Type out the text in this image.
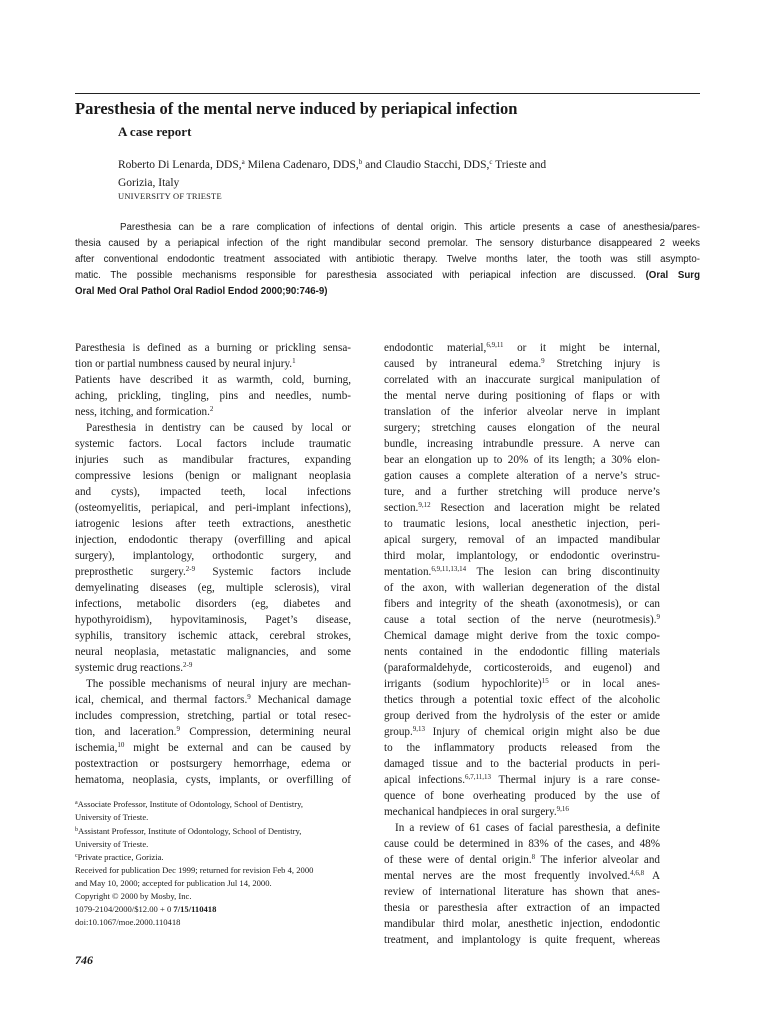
Paresthesia of the mental nerve induced by periapical infection
A case report
Roberto Di Lenarda, DDS,$^a$ Milena Cadenaro, DDS,$^b$ and Claudio Stacchi, DDS,$^c$ Trieste and
Gorizia, Italy
UNIVERSITY OF TRIESTE
Paresthesia can be a rare complication of infections of dental origin. This article presents a case of anesthesia/pares-
thesia caused by a periapical infection of the right mandibular second premolar. The sensory disturbance disappeared 2 weeks
after conventional endodontic treatment associated with antibiotic therapy. Twelve months later, the tooth was still asympto-
matic. The possible mechanisms responsible for paresthesia associated with periapical infection are discussed. (Oral Surg
Oral Med Oral Pathol Oral Radiol Endod 2000;90:746-9)
Paresthesia is defined as a burning or prickling sensa-
tion or partial numbness caused by neural injury.$^1$
Patients have described it as warmth, cold, burning,
aching, prickling, tingling, pins and needles, numb-
ness, itching, and formication.$^2$
Paresthesia in dentistry can be caused by local or
systemic factors. Local factors include traumatic
injuries such as mandibular fractures, expanding
compressive lesions (benign or malignant neoplasia
and cysts), impacted teeth, local infections
(osteomyelitis, periapical, and peri-implant infections),
iatrogenic lesions after teeth extractions, anesthetic
injection, endodontic therapy (overfilling and apical
surgery), implantology, orthodontic surgery, and
preprosthetic surgery.$^{2-9}$ Systemic factors include
demyelinating diseases (eg, multiple sclerosis), viral
infections, metabolic disorders (eg, diabetes and
hypothyroidism), hypovitaminosis, Paget’s disease,
syphilis, transitory ischemic attack, cerebral strokes,
neural neoplasia, metastatic malignancies, and some
systemic drug reactions.$^{2-9}$
The possible mechanisms of neural injury are mechan-
ical, chemical, and thermal factors.$^9$ Mechanical damage
includes compression, stretching, partial or total resec-
tion, and laceration.$^9$ Compression, determining neural
ischemia,$^{10}$ might be external and can be caused by
postextraction or postsurgery hemorrhage, edema or
hematoma, neoplasia, cysts, implants, or overfilling of
endodontic material,$^{6,9,11}$ or it might be internal,
caused by intraneural edema.$^9$ Stretching injury is
correlated with an inaccurate surgical manipulation of
the mental nerve during positioning of flaps or with
translation of the inferior alveolar nerve in implant
surgery; stretching causes elongation of the neural
bundle, increasing intrabundle pressure. A nerve can
bear an elongation up to 20% of its length; a 30% elon-
gation causes a complete alteration of a nerve’s struc-
ture, and a further stretching will produce nerve’s
section.$^{9,12}$ Resection and laceration might be related
to traumatic lesions, local anesthetic injection, peri-
apical surgery, removal of an impacted mandibular
third molar, implantology, or endodontic overinstru-
mentation.$^{6,9,11,13,14}$ The lesion can bring discontinuity
of the axon, with wallerian degeneration of the distal
fibers and integrity of the sheath (axonotmesis), or can
cause a total section of the nerve (neurotmesis).$^9$
Chemical damage might derive from the toxic compo-
nents contained in the endodontic filling materials
(paraformaldehyde, corticosteroids, and eugenol) and
irrigants (sodium hypochlorite)$^{15}$ or in local anes-
thetics through a potential toxic effect of the alcoholic
group derived from the hydrolysis of the ester or amide
group.$^{9,13}$ Injury of chemical origin might also be due
to the inflammatory products released from the
damaged tissue and to the bacterial products in peri-
apical infections.$^{6,7,11,13}$ Thermal injury is a rare conse-
quence of bone overheating produced by the use of
mechanical handpieces in oral surgery.$^{9,16}$
In a review of 61 cases of facial paresthesia, a definite
cause could be determined in 83% of the cases, and 48%
of these were of dental origin.$^8$ The inferior alveolar and
mental nerves are the most frequently involved.$^{4,6,8}$ A
review of international literature has shown that anes-
thesia or paresthesia after extraction of an impacted
mandibular third molar, anesthetic injection, endodontic
treatment, and implantology is quite frequent, whereas
$^a$Associate Professor, Institute of Odontology, School of Dentistry,
University of Trieste.
$^b$Assistant Professor, Institute of Odontology, School of Dentistry,
University of Trieste.
$^c$Private practice, Gorizia.
Received for publication Dec 1999; returned for revision Feb 4, 2000
and May 10, 2000; accepted for publication Jul 14, 2000.
Copyright © 2000 by Mosby, Inc.
1079-2104/2000/$12.00 + 0 7/15/110418
doi:10.1067/moe.2000.110418
746
